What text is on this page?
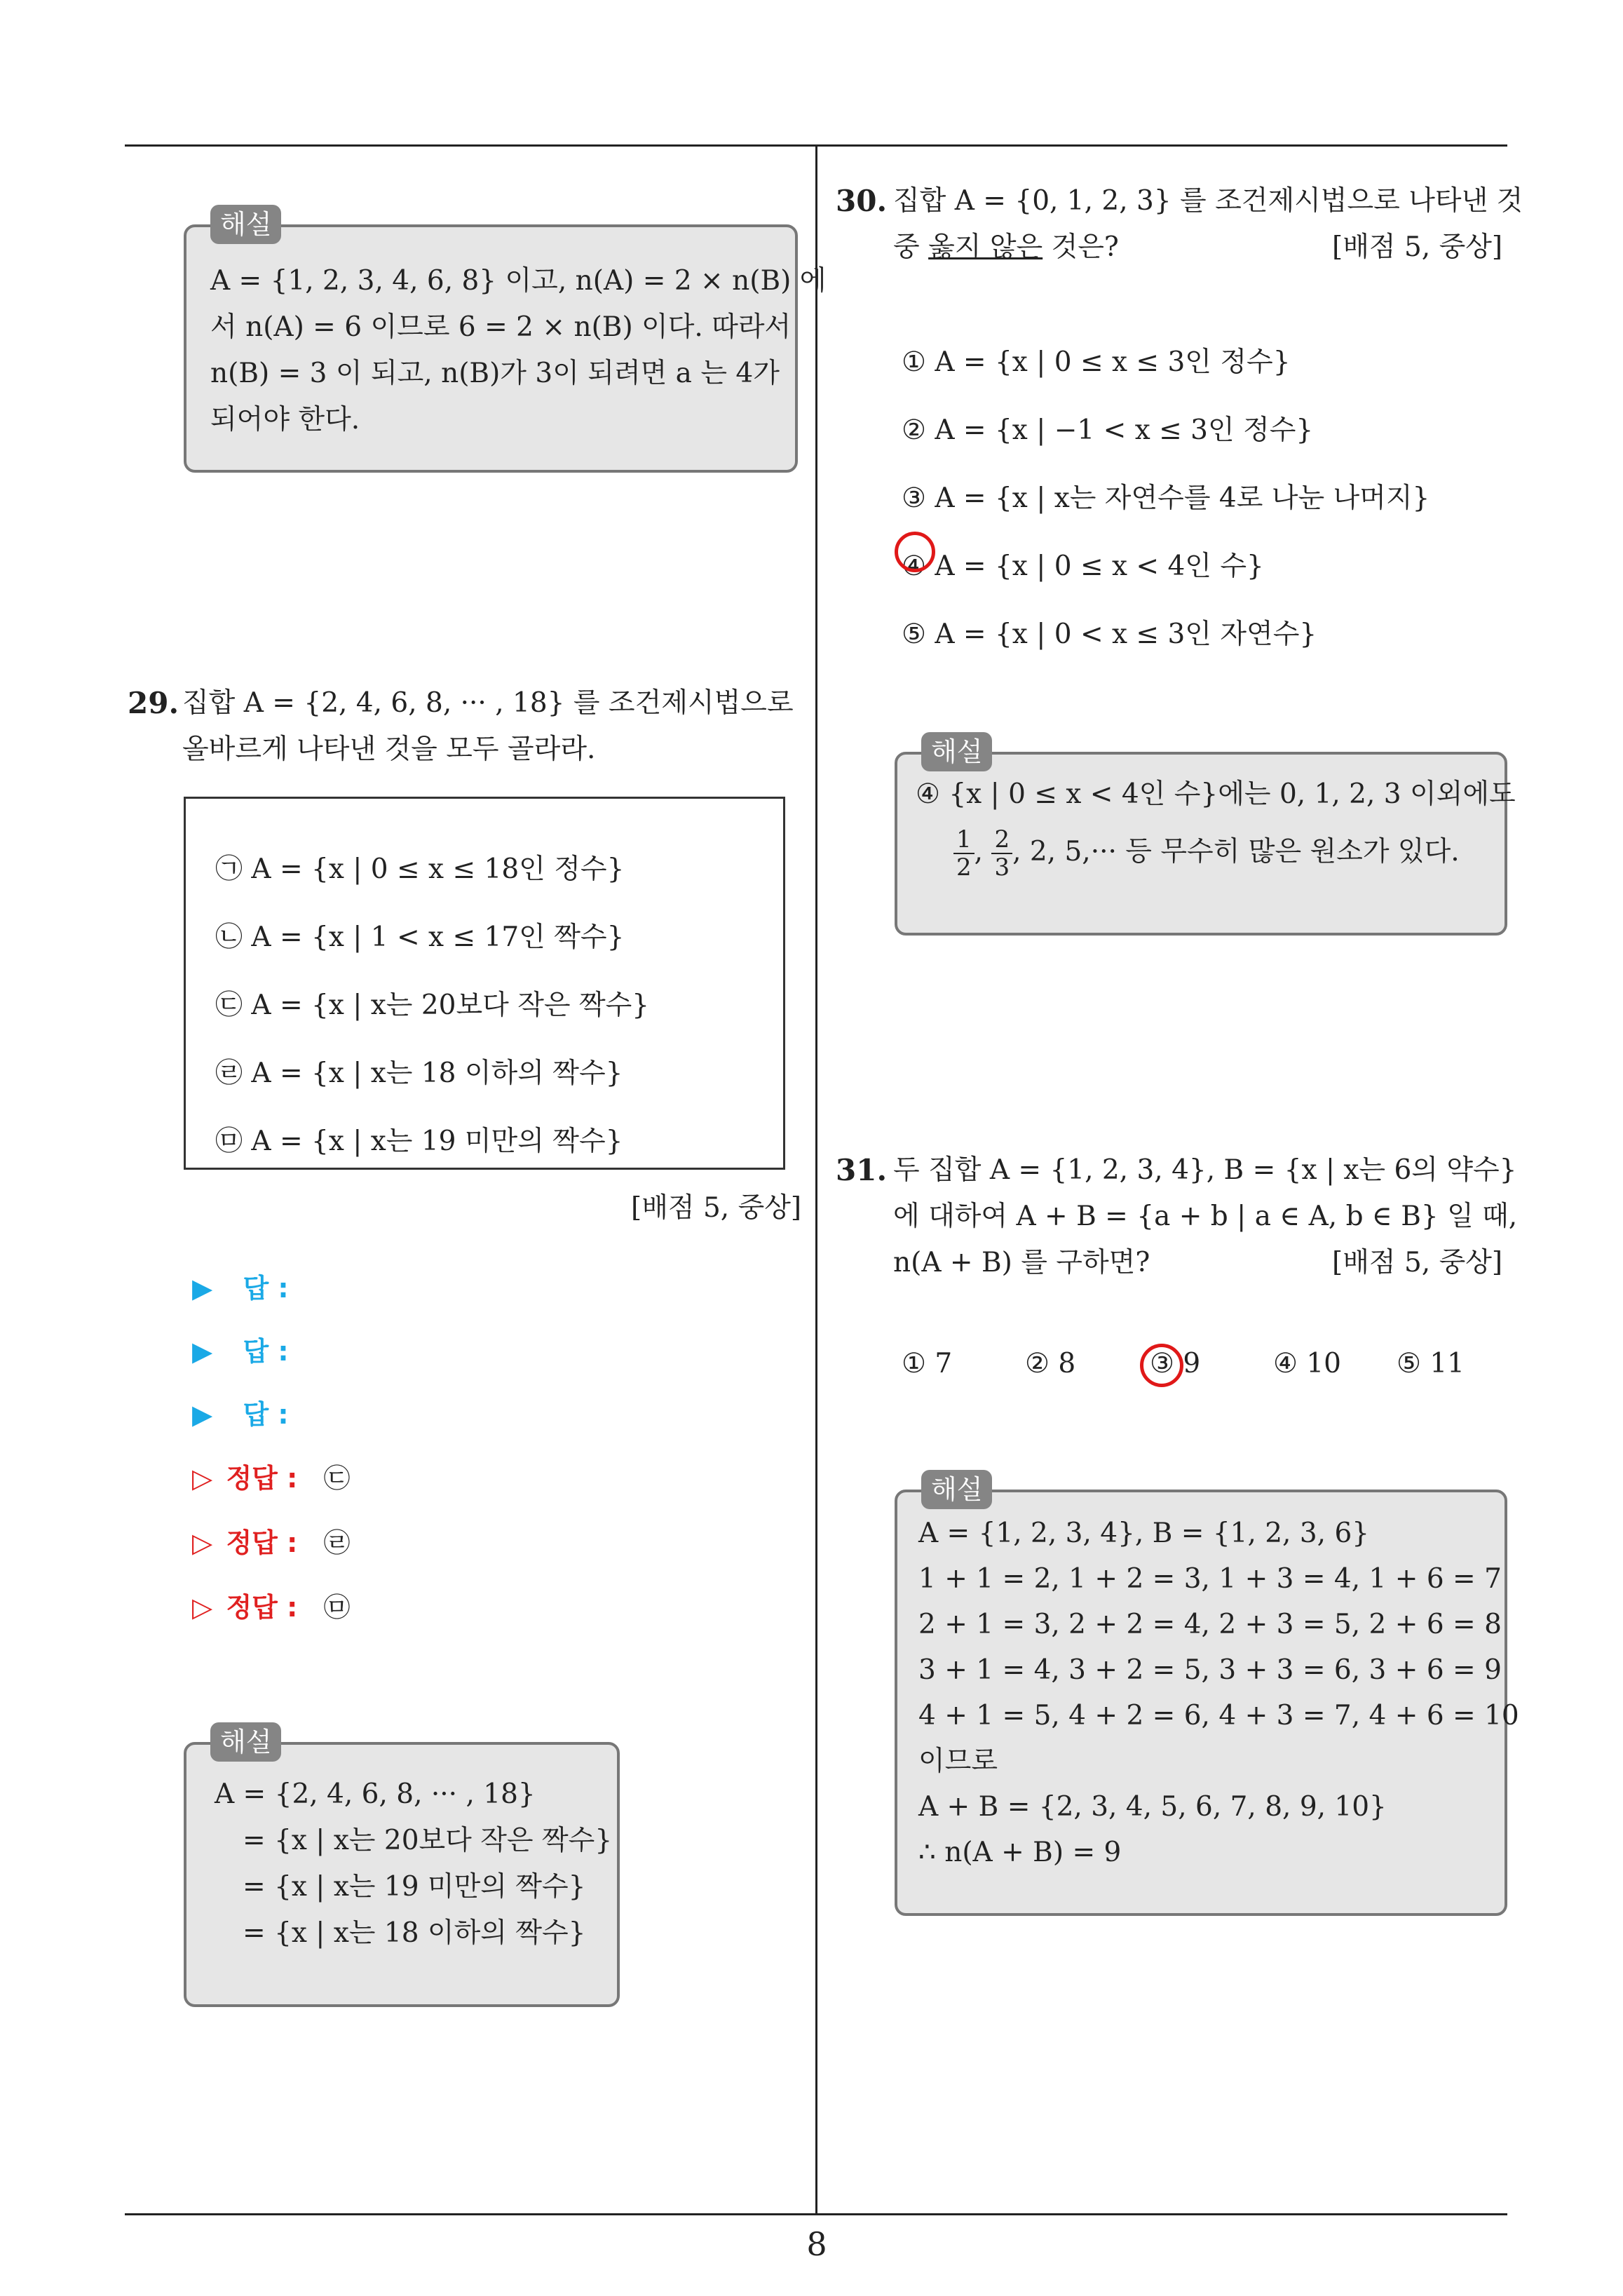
8
해설
A = {1, 2, 3, 4, 6, 8} 이고, n(A) = 2 × n(B) 에
서 n(A) = 6 이므로 6 = 2 × n(B) 이다. 따라서
n(B) = 3 이 되고, n(B)가 3이 되려면 a 는 4가
되어야 한다.
29. 집합 A = {2, 4, 6, 8, ··· , 18} 를 조건제시법으로
올바르게 나타낸 것을 모두 골라라.
㉠ A = {x | 0 ≤ x ≤ 18인 정수}
㉡ A = {x | 1 < x ≤ 17인 짝수}
㉢ A = {x | x는 20보다 작은 짝수}
㉣ A = {x | x는 18 이하의 짝수}
㉤ A = {x | x는 19 미만의 짝수}
[배점 5, 중상]
▶ 답 :
▶ 답 :
▶ 답 :
▷ 정답 : ㉢
▷ 정답 : ㉣
▷ 정답 : ㉤
해설
A = {2, 4, 6, 8, ··· , 18}
= {x | x는 20보다 작은 짝수}
= {x | x는 19 미만의 짝수}
= {x | x는 18 이하의 짝수}
30. 집합 A = {0, 1, 2, 3} 를 조건제시법으로 나타낸 것
중 옳지 않은 것은?	[배점 5, 중상]
① A = {x | 0 ≤ x ≤ 3인 정수}
② A = {x | −1 < x ≤ 3인 정수}
③ A = {x | x는 자연수를 4로 나눈 나머지}
④ A = {x | 0 ≤ x < 4인 수}
⑤ A = {x | 0 < x ≤ 3인 자연수}
해설
④ {x | 0 ≤ x < 4인 수}에는 0, 1, 2, 3 이외에도
$\frac{1}{2}$ , $\frac{2}{3}$ , 2, 5,··· 등 무수히 많은 원소가 있다.
31. 두 집합 A = {1, 2, 3, 4}, B = {x | x는 6의 약수}
에 대하여 A + B = {a + b | a ∈ A, b ∈ B} 일 때,
n(A + B) 를 구하면?	[배점 5, 중상]
① 7	② 8	③ 9	④ 10 ⑤ 11
해설
A = {1, 2, 3, 4}, B = {1, 2, 3, 6}
1 + 1 = 2, 1 + 2 = 3, 1 + 3 = 4, 1 + 6 = 7
2 + 1 = 3, 2 + 2 = 4, 2 + 3 = 5, 2 + 6 = 8
3 + 1 = 4, 3 + 2 = 5, 3 + 3 = 6, 3 + 6 = 9
4 + 1 = 5, 4 + 2 = 6, 4 + 3 = 7, 4 + 6 = 10
이므로
A + B = {2, 3, 4, 5, 6, 7, 8, 9, 10}
∴ n(A + B) = 9
